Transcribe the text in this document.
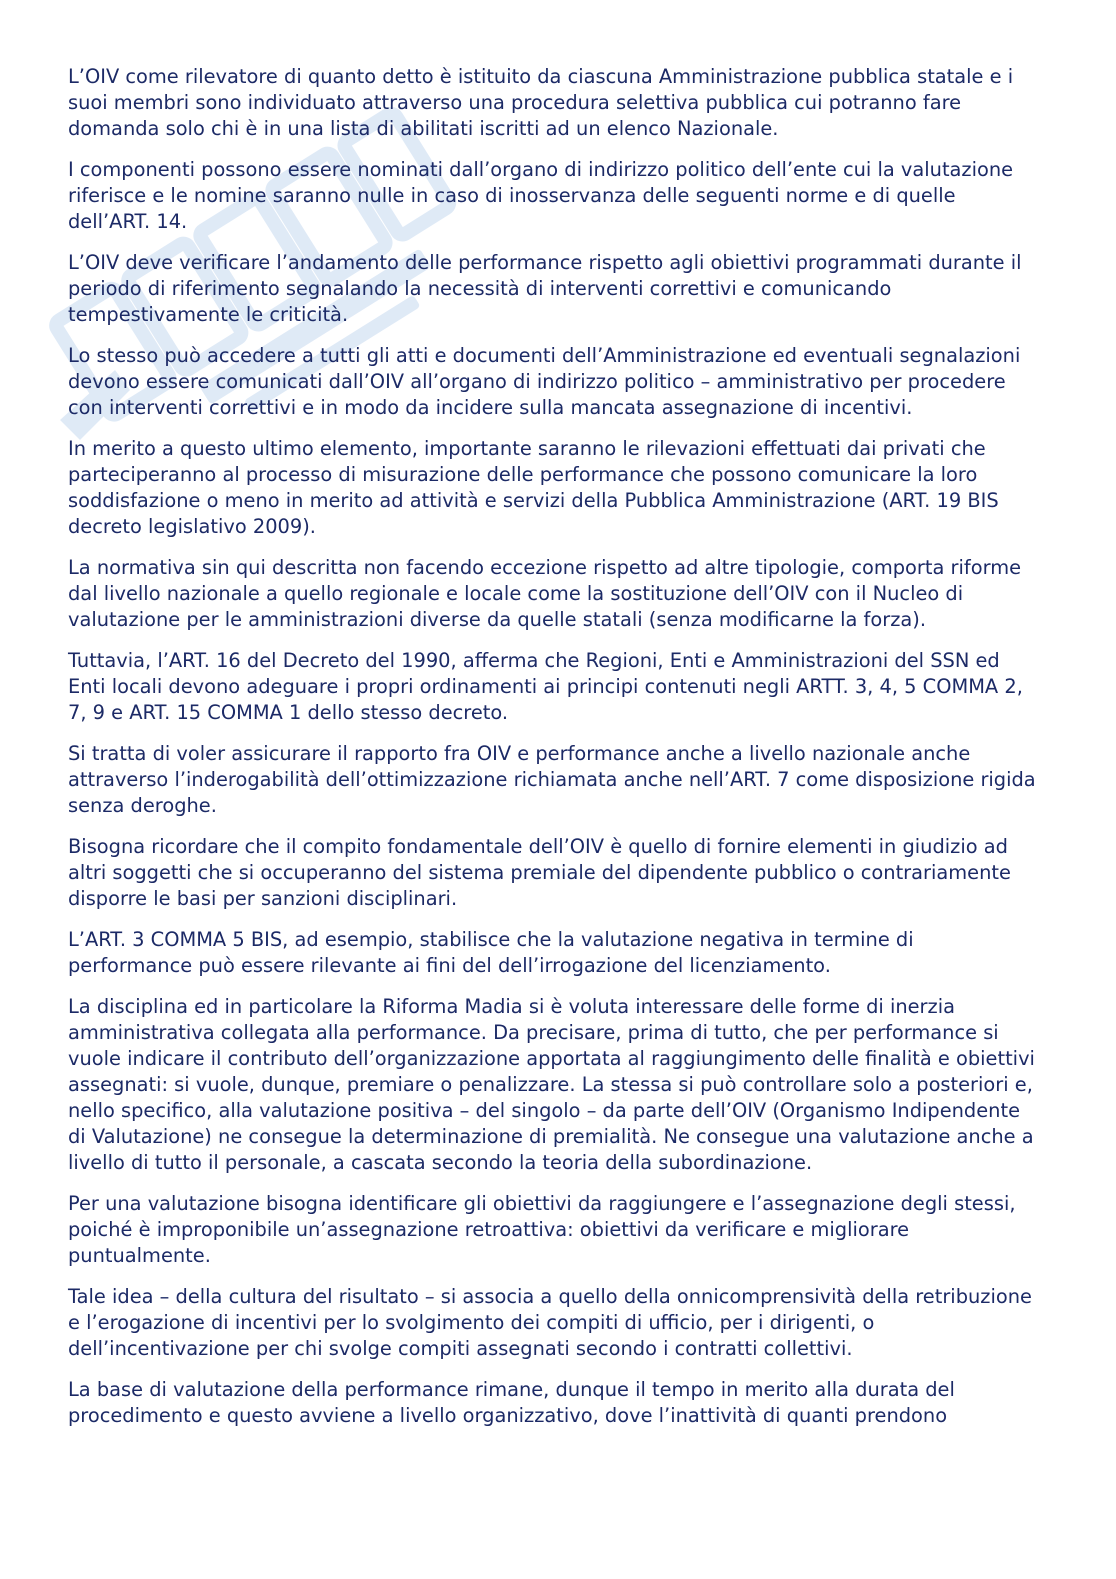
L’OIV come rilevatore di quanto detto è istituito da ciascuna Amministrazione pubblica statale e i suoi membri sono individuato attraverso una procedura selettiva pubblica cui potranno fare domanda solo chi è in una lista di abilitati iscritti ad un elenco Nazionale.

I componenti possono essere nominati dall’organo di indirizzo politico dell’ente cui la valutazione riferisce e le nomine saranno nulle in caso di inosservanza delle seguenti norme e di quelle dell’ART. 14.

L’OIV deve verificare l’andamento delle performance rispetto agli obiettivi programmati durante il periodo di riferimento segnalando la necessità di interventi correttivi e comunicando tempestivamente le criticità.

Lo stesso può accedere a tutti gli atti e documenti dell’Amministrazione ed eventuali segnalazioni devono essere comunicati dall’OIV all’organo di indirizzo politico – amministrativo per procedere con interventi correttivi e in modo da incidere sulla mancata assegnazione di incentivi.

In merito a questo ultimo elemento, importante saranno le rilevazioni effettuati dai privati che parteciperanno al processo di misurazione delle performance che possono comunicare la loro soddisfazione o meno in merito ad attività e servizi della Pubblica Amministrazione (ART. 19 BIS decreto legislativo 2009).

La normativa sin qui descritta non facendo eccezione rispetto ad altre tipologie, comporta riforme dal livello nazionale a quello regionale e locale come la sostituzione dell’OIV con il Nucleo di valutazione per le amministrazioni diverse da quelle statali (senza modificarne la forza).

Tuttavia, l’ART. 16 del Decreto del 1990, afferma che Regioni, Enti e Amministrazioni del SSN ed Enti locali devono adeguare i propri ordinamenti ai principi contenuti negli ARTT. 3, 4, 5 COMMA 2, 7, 9 e ART. 15 COMMA 1 dello stesso decreto.

Si tratta di voler assicurare il rapporto fra OIV e performance anche a livello nazionale anche attraverso l’inderogabilità dell’ottimizzazione richiamata anche nell’ART. 7 come disposizione rigida senza deroghe.

Bisogna ricordare che il compito fondamentale dell’OIV è quello di fornire elementi in giudizio ad altri soggetti che si occuperanno del sistema premiale del dipendente pubblico o contrariamente disporre le basi per sanzioni disciplinari.

L’ART. 3 COMMA 5 BIS, ad esempio, stabilisce che la valutazione negativa in termine di performance può essere rilevante ai fini del dell’irrogazione del licenziamento.

La disciplina ed in particolare la Riforma Madia si è voluta interessare delle forme di inerzia amministrativa collegata alla performance. Da precisare, prima di tutto, che per performance si vuole indicare il contributo dell’organizzazione apportata al raggiungimento delle finalità e obiettivi assegnati: si vuole, dunque, premiare o penalizzare. La stessa si può controllare solo a posteriori e, nello specifico, alla valutazione positiva – del singolo – da parte dell’OIV (Organismo Indipendente di Valutazione) ne consegue la determinazione di premialità. Ne consegue una valutazione anche a livello di tutto il personale, a cascata secondo la teoria della subordinazione.

Per una valutazione bisogna identificare gli obiettivi da raggiungere e l’assegnazione degli stessi, poiché è improponibile un’assegnazione retroattiva: obiettivi da verificare e migliorare puntualmente.

Tale idea – della cultura del risultato – si associa a quello della onnicomprensività della retribuzione e l’erogazione di incentivi per lo svolgimento dei compiti di ufficio, per i dirigenti, o dell’incentivazione per chi svolge compiti assegnati secondo i contratti collettivi.

La base di valutazione della performance rimane, dunque il tempo in merito alla durata del procedimento e questo avviene a livello organizzativo, dove l’inattività di quanti prendono
